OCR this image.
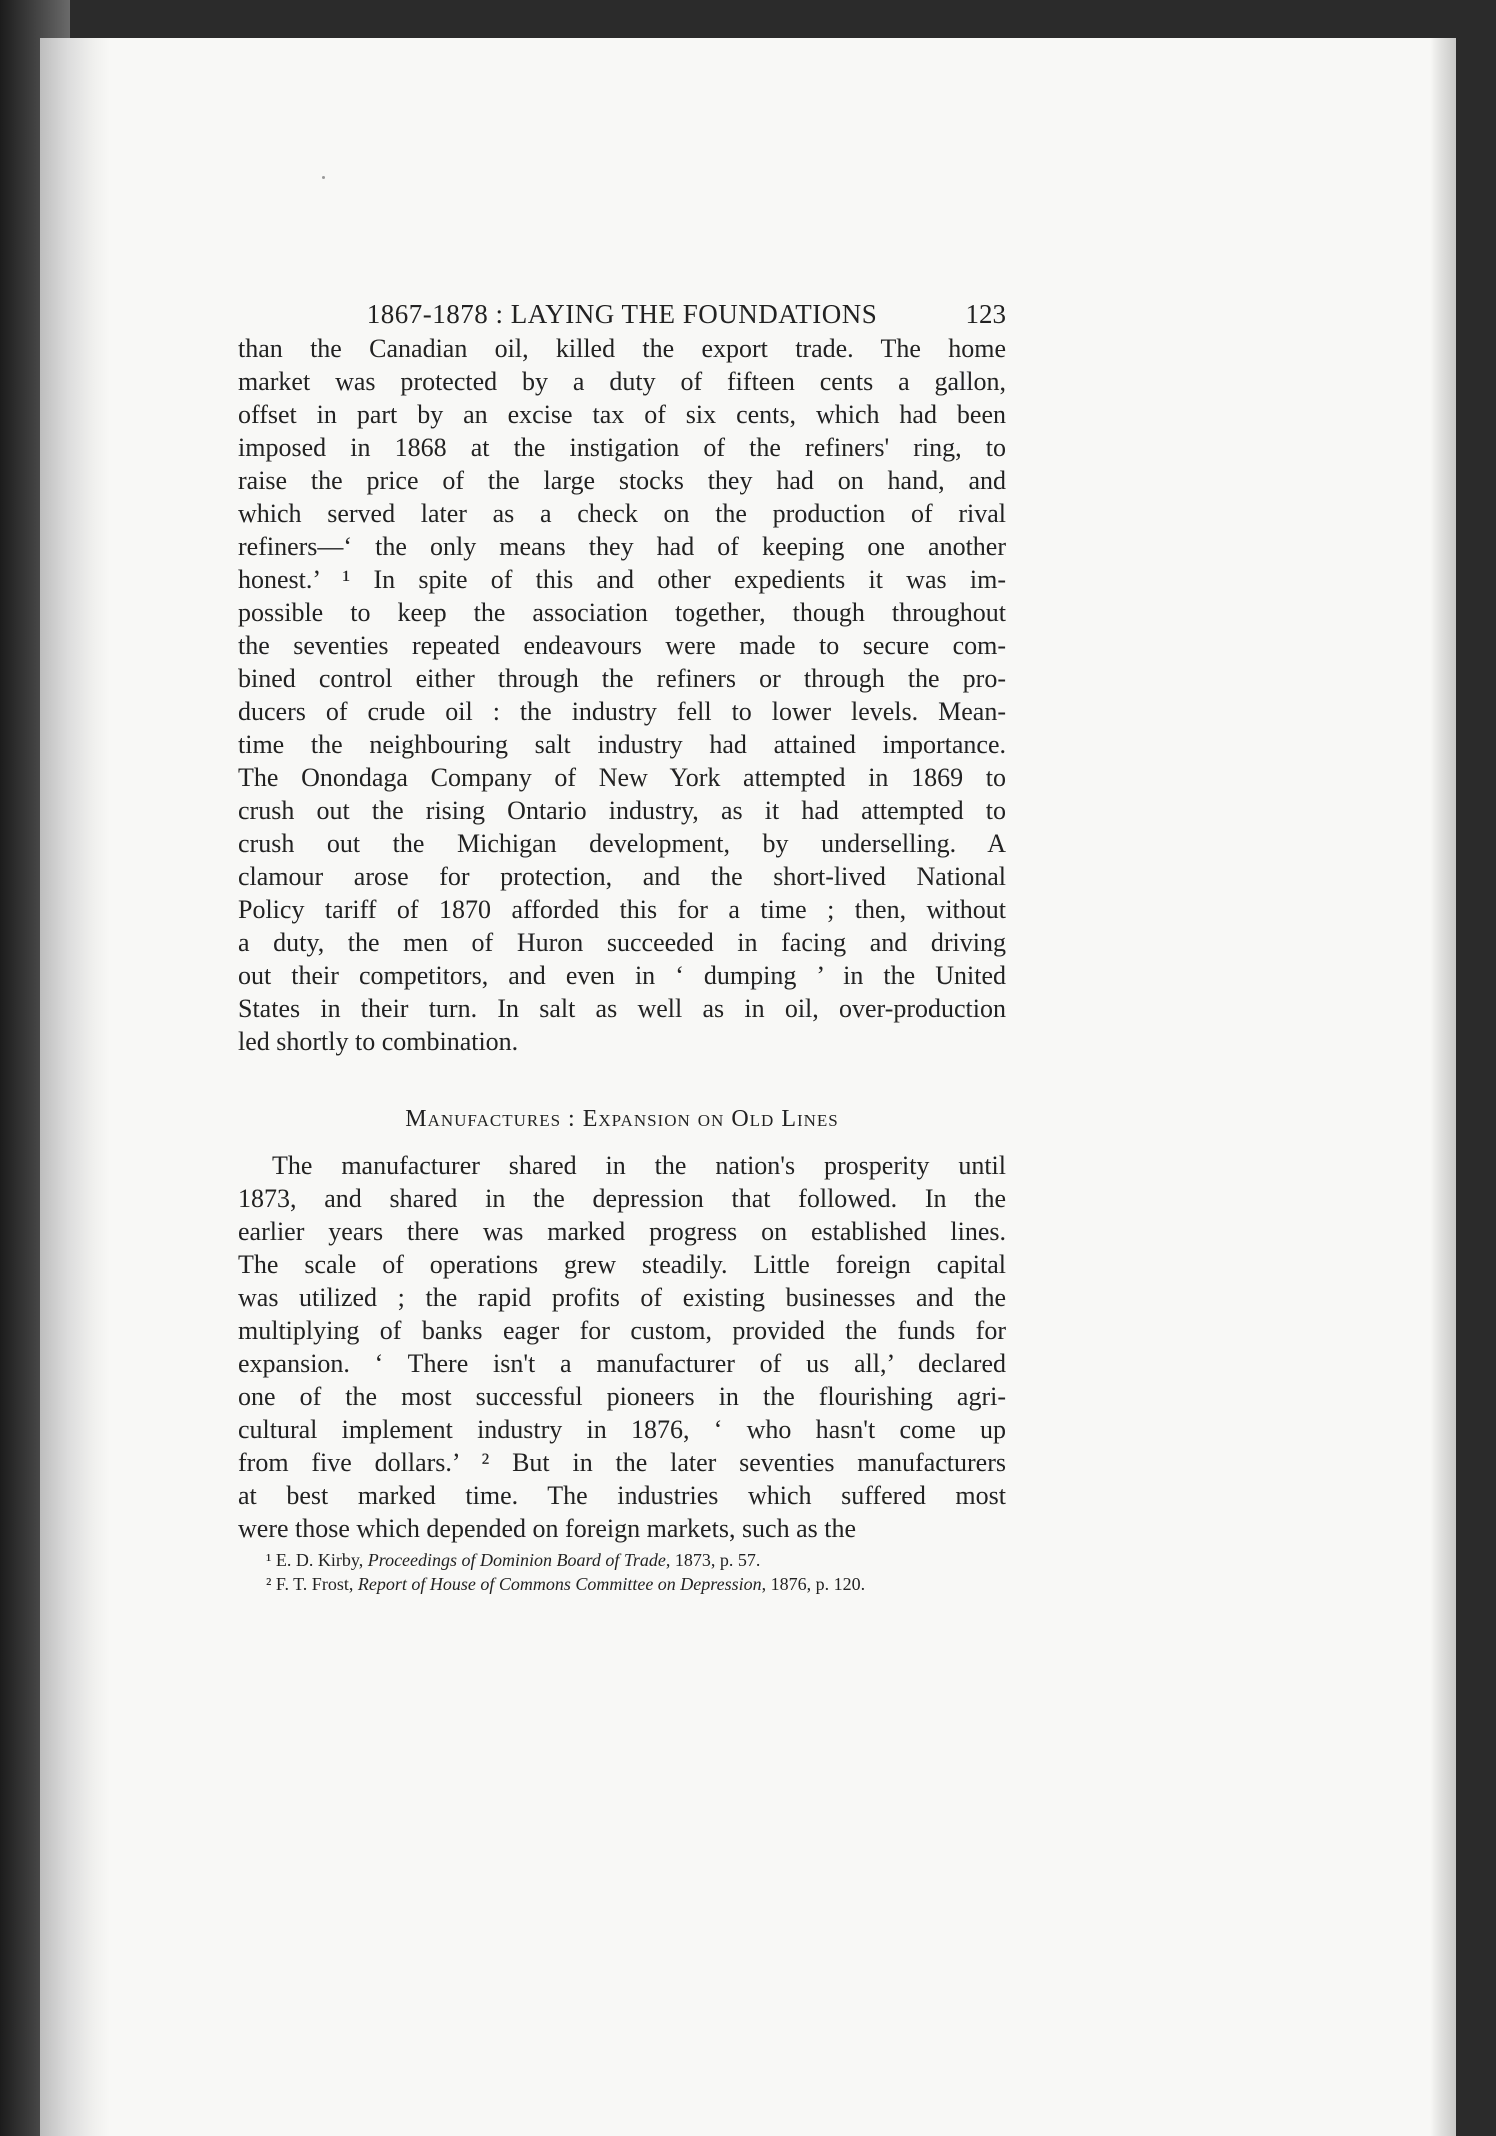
1867-1878 : LAYING THE FOUNDATIONS	123
than the Canadian oil, killed the export trade. The home
market was protected by a duty of fifteen cents a gallon,
offset in part by an excise tax of six cents, which had been
imposed in 1868 at the instigation of the refiners' ring, to
raise the price of the large stocks they had on hand, and
which served later as a check on the production of rival
refiners—‘ the only means they had of keeping one another
honest.’ ¹ In spite of this and other expedients it was im-
possible to keep the association together, though throughout
the seventies repeated endeavours were made to secure com-
bined control either through the refiners or through the pro-
ducers of crude oil : the industry fell to lower levels. Mean-
time the neighbouring salt industry had attained importance.
The Onondaga Company of New York attempted in 1869 to
crush out the rising Ontario industry, as it had attempted to
crush out the Michigan development, by underselling. A
clamour arose for protection, and the short-lived National
Policy tariff of 1870 afforded this for a time ; then, without
a duty, the men of Huron succeeded in facing and driving
out their competitors, and even in ‘ dumping ’ in the United
States in their turn. In salt as well as in oil, over-production
led shortly to combination.
Manufactures : Expansion on Old Lines
The manufacturer shared in the nation's prosperity until
1873, and shared in the depression that followed. In the
earlier years there was marked progress on established lines.
The scale of operations grew steadily. Little foreign capital
was utilized ; the rapid profits of existing businesses and the
multiplying of banks eager for custom, provided the funds for
expansion. ‘ There isn't a manufacturer of us all,’ declared
one of the most successful pioneers in the flourishing agri-
cultural implement industry in 1876, ‘ who hasn't come up
from five dollars.’ ² But in the later seventies manufacturers
at best marked time. The industries which suffered most
were those which depended on foreign markets, such as the
¹ E. D. Kirby, Proceedings of Dominion Board of Trade, 1873, p. 57.
² F. T. Frost, Report of House of Commons Committee on Depression, 1876, p. 120.
